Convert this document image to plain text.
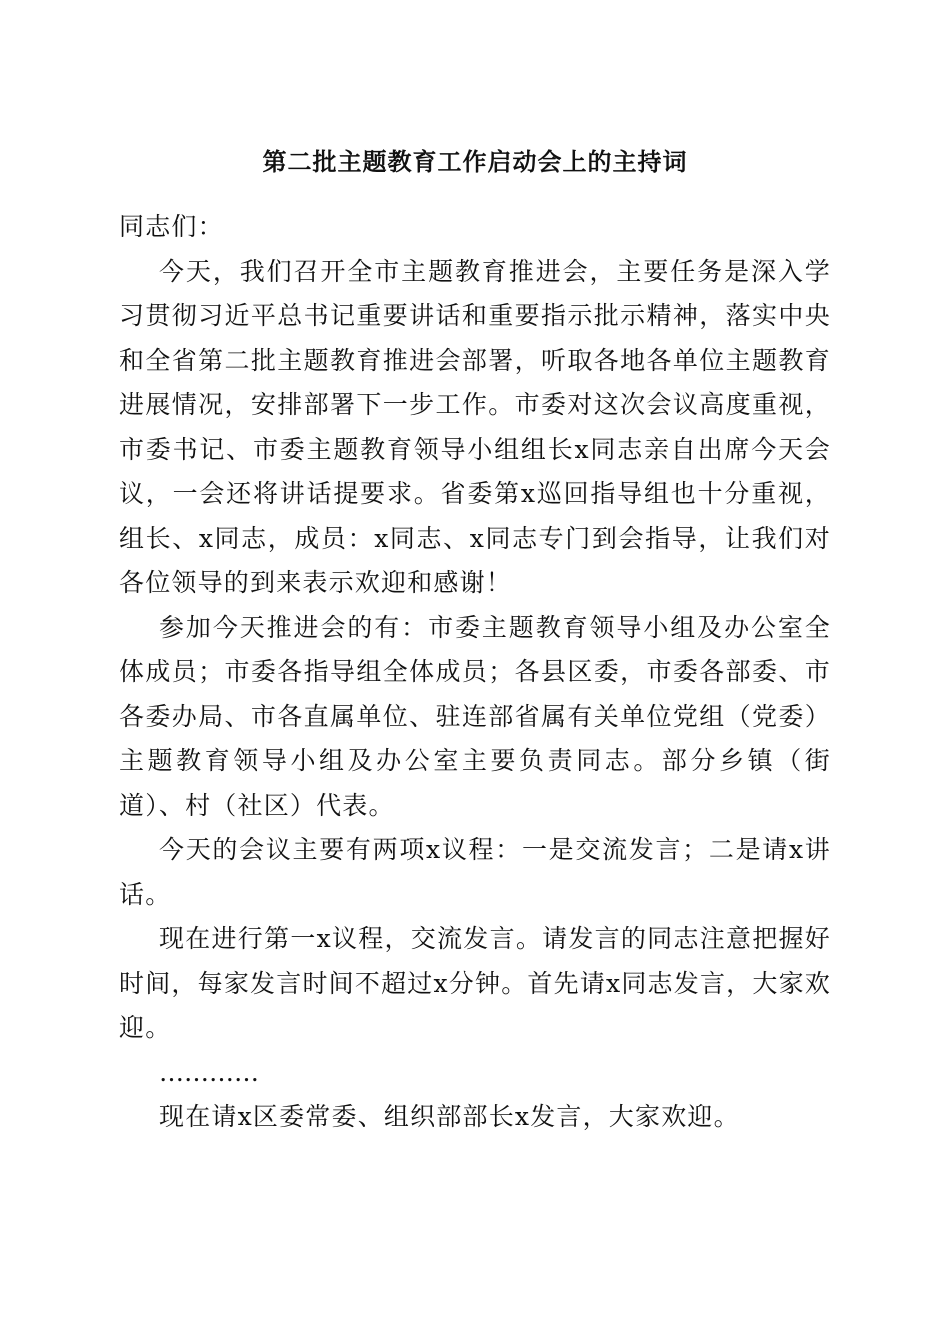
第二批主题教育工作启动会上的主持词

同志们：

今天，我们召开全市主题教育推进会，主要任务是深入学习贯彻习近平总书记重要讲话和重要指示批示精神，落实中央和全省第二批主题教育推进会部署，听取各地各单位主题教育进展情况，安排部署下一步工作。市委对这次会议高度重视，市委书记、市委主题教育领导小组组长x同志亲自出席今天会议，一会还将讲话提要求。省委第x巡回指导组也十分重视，组长、x同志，成员：x同志、x同志专门到会指导，让我们对各位领导的到来表示欢迎和感谢！

参加今天推进会的有：市委主题教育领导小组及办公室全体成员；市委各指导组全体成员；各县区委，市委各部委、市各委办局、市各直属单位、驻连部省属有关单位党组（党委）主题教育领导小组及办公室主要负责同志。部分乡镇（街道）、村（社区）代表。

今天的会议主要有两项x议程：一是交流发言；二是请x讲话。

现在进行第一x议程，交流发言。请发言的同志注意把握好时间，每家发言时间不超过x分钟。首先请x同志发言，大家欢迎。

…………

现在请x区委常委、组织部部长x发言，大家欢迎。
